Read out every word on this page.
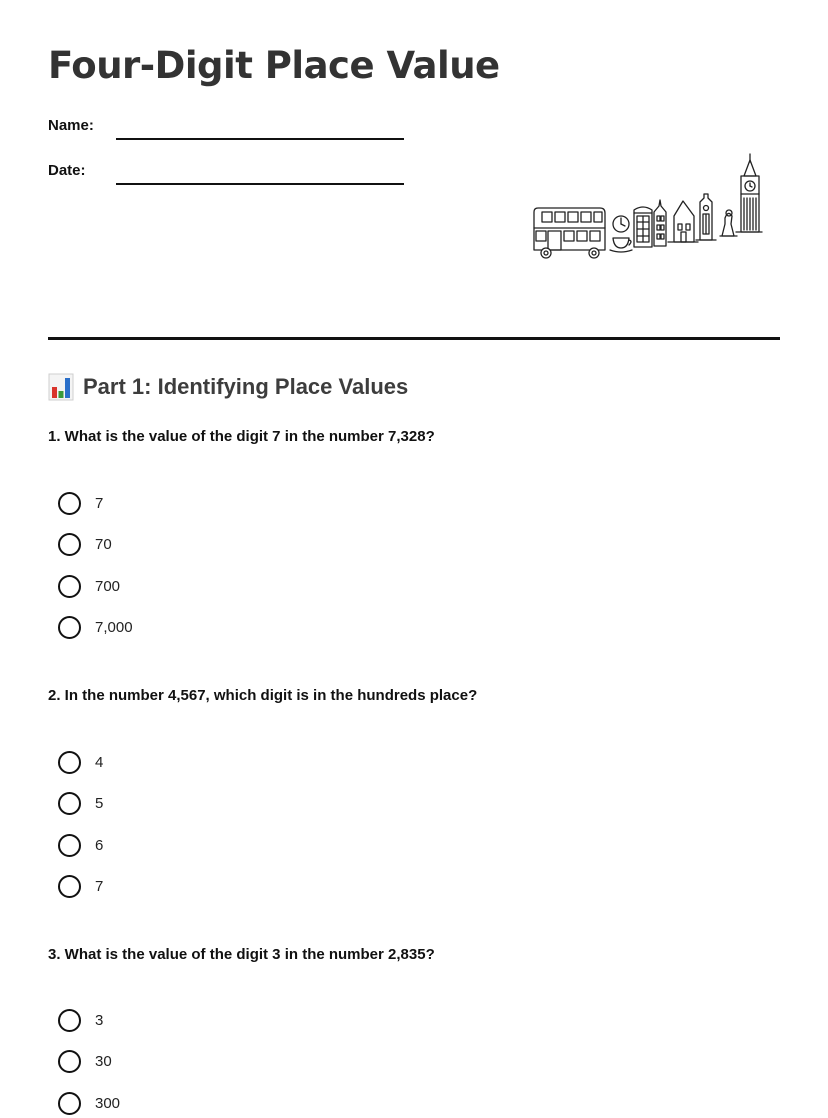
Four-Digit Place Value
Name:
Date:
Part 1: Identifying Place Values
1. What is the value of the digit 7 in the number 7,328?
7
70
700
7,000
2. In the number 4,567, which digit is in the hundreds place?
4
5
6
7
3. What is the value of the digit 3 in the number 2,835?
3
30
300
